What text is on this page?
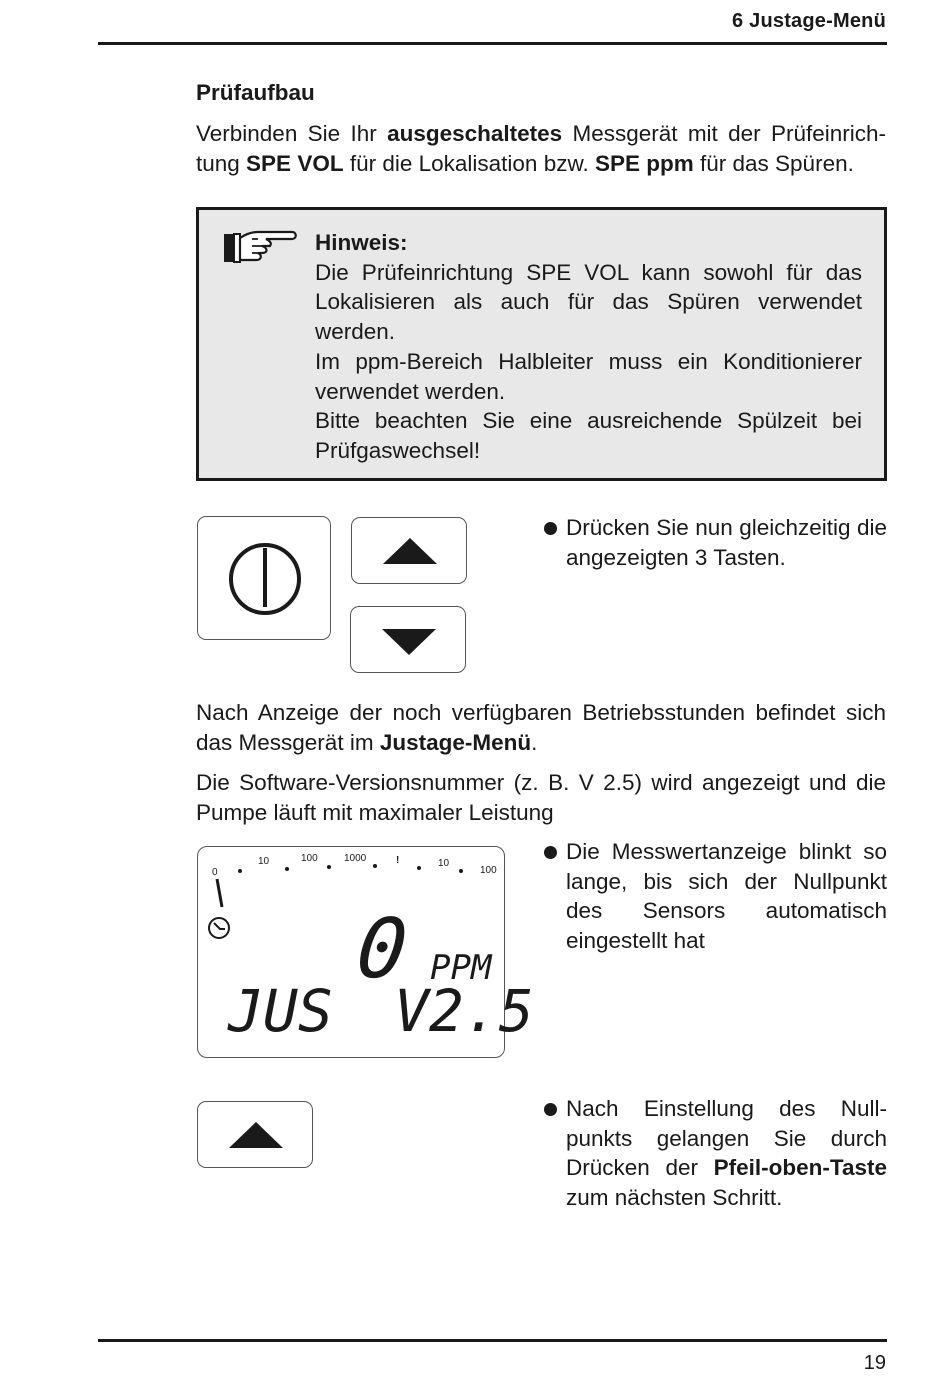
6 Justage-Menü
Prüfaufbau
Verbinden Sie Ihr ausgeschaltetes Messgerät mit der Prüfeinrich-tung SPE VOL für die Lokalisation bzw. SPE ppm für das Spüren.
Hinweis:
Die Prüfeinrichtung SPE VOL kann sowohl für das Lokalisieren als auch für das Spüren verwendet werden.
Im ppm-Bereich Halbleiter muss ein Konditionierer verwendet werden.
Bitte beachten Sie eine ausreichende Spülzeit bei Prüfgaswechsel!
Drücken Sie nun gleichzeitig die angezeigten 3 Tasten.
Nach Anzeige der noch verfügbaren Betriebsstunden befindet sich das Messgerät im Justage-Menü.
Die Software-Versionsnummer (z. B. V 2.5) wird angezeigt und die Pumpe läuft mit maximaler Leistung
0
10	100	1000	!	10
100
0 PPM
JUS V2.5
Die Messwertanzeige blinkt so lange, bis sich der Nullpunkt des Sensors automatisch eingestellt hat
Nach Einstellung des Null-punkts gelangen Sie durch Drücken der Pfeil-oben-Taste zum nächsten Schritt.
19
